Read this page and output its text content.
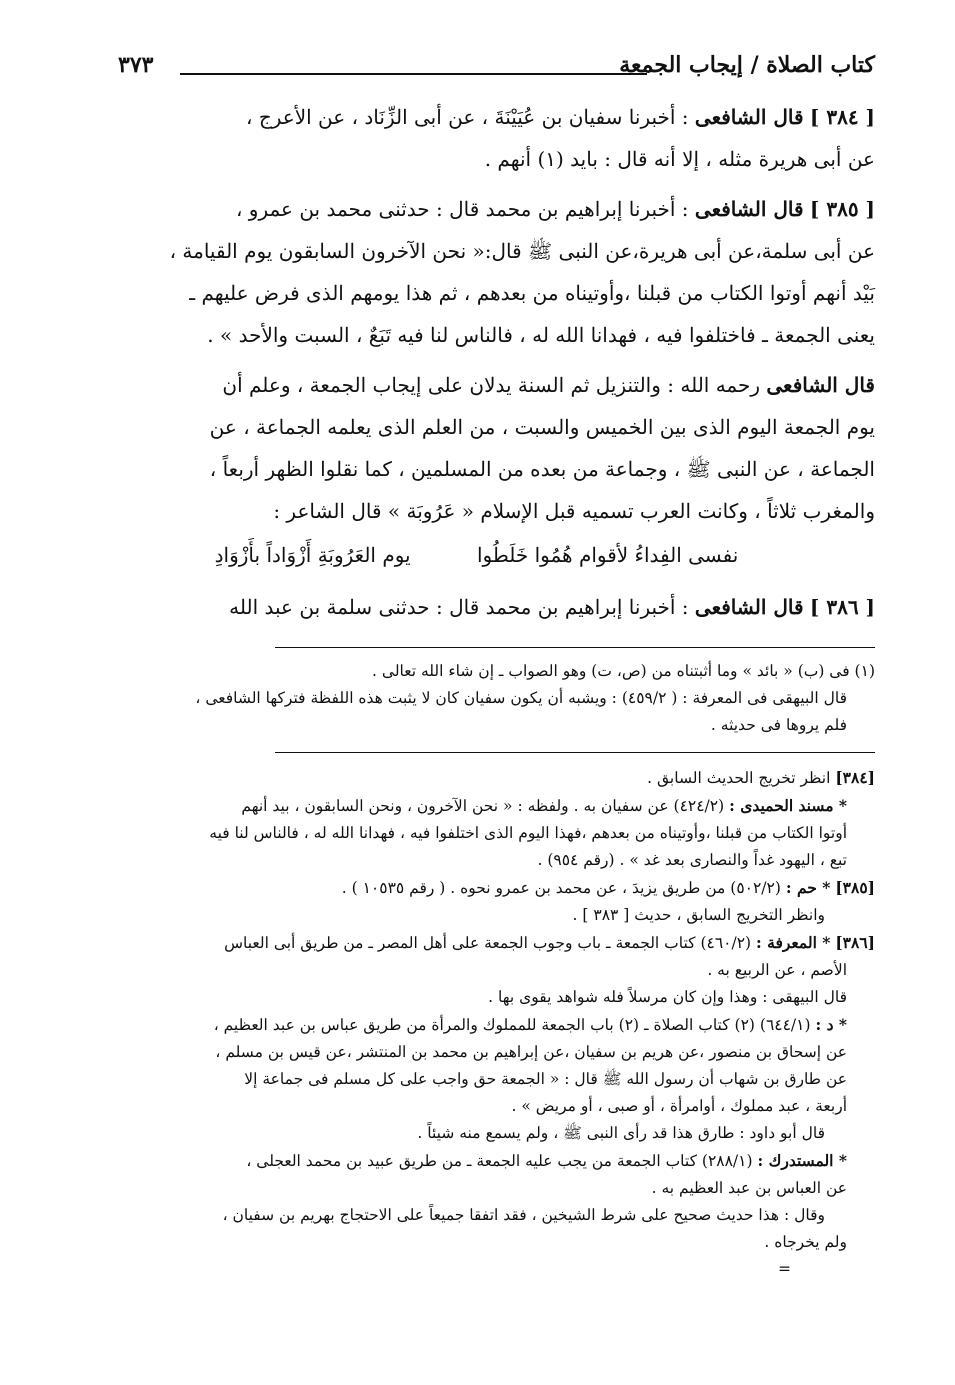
كتاب الصلاة / إيجاب الجمعة
٣٧٣

[ ٣٨٤ ] قال الشافعى : أخبرنا سفيان بن عُيَيْنَةَ ، عن أبى الزِّنَاد ، عن الأعرج ،

عن أبى هريرة مثله ، إلا أنه قال : بايد (١) أنهم .

[ ٣٨٥ ] قال الشافعى : أخبرنا إبراهيم بن محمد قال : حدثنى محمد بن عمرو ،

عن أبى سلمة،عن أبى هريرة،عن النبى ﷺ قال:« نحن الآخرون السابقون يوم القيامة ،

بَيْد أنهم أوتوا الكتاب من قبلنا ،وأوتيناه من بعدهم ، ثم هذا يومهم الذى فرض عليهم ـ

يعنى الجمعة ـ فاختلفوا فيه ، فهدانا الله له ، فالناس لنا فيه تَبَعٌ ، السبت والأحد » .

قال الشافعى رحمه الله : والتنزيل ثم السنة يدلان على إيجاب الجمعة ، وعلم أن

يوم الجمعة اليوم الذى بين الخميس والسبت ، من العلم الذى يعلمه الجماعة ، عن

الجماعة ، عن النبى ﷺ ، وجماعة من بعده من المسلمين ، كما نقلوا الظهر أربعاً ،

والمغرب ثلاثاً ، وكانت العرب تسميه قبل الإسلام « عَرُوبَة » قال الشاعر :

نفسى الفِداءُ لأقوام هُمُوا خَلَطُوا يوم العَرُوبَةِ أَزْوَاداً بأَزْوَادِ

[ ٣٨٦ ] قال الشافعى : أخبرنا إبراهيم بن محمد قال : حدثنى سلمة بن عبد الله

(١) فى (ب) « بائد » وما أثبتناه من (ص، ت) وهو الصواب ـ إن شاء الله تعالى .

قال البيهقى فى المعرفة : ( ٤٥٩/٢) : ويشبه أن يكون سفيان كان لا يثبت هذه اللفظة فتركها الشافعى ،

فلم يروها فى حديثه .

[٣٨٤] انظر تخريج الحديث السابق .

* مسند الحميدى : (٤٢٤/٢) عن سفيان به . ولفظه : « نحن الآخرون ، ونحن السابقون ، بيد أنهم

أوتوا الكتاب من قبلنا ،وأوتيناه من بعدهم ،فهذا اليوم الذى اختلفوا فيه ، فهدانا الله له ، فالناس لنا فيه

تبع ، اليهود غداً والنصارى بعد غد » . (رقم ٩٥٤) .

[٣٨٥] * حم : (٥٠٢/٢) من طريق يزيدَ ، عن محمد بن عمرو نحوه . ( رقم ١٠٥٣٥ ) .

وانظر التخريج السابق ، حديث [ ٣٨٣ ] .

[٣٨٦] * المعرفة : (٤٦٠/٢) كتاب الجمعة ـ باب وجوب الجمعة على أهل المصر ـ من طريق أبى العباس

الأصم ، عن الربيع به .

قال البيهقى : وهذا وإن كان مرسلاً فله شواهد يقوى بها .

* د : (٦٤٤/١) (٢) كتاب الصلاة ـ (٢) باب الجمعة للمملوك والمرأة من طريق عباس بن عبد العظيم ،

عن إسحاق بن منصور ،عن هريم بن سفيان ،عن إبراهيم بن محمد بن المنتشر ،عن قيس بن مسلم ،

عن طارق بن شهاب أن رسول الله ﷺ قال : « الجمعة حق واجب على كل مسلم فى جماعة إلا

أربعة ، عبد مملوك ، أوامرأة ، أو صبى ، أو مريض » .

قال أبو داود : طارق هذا قد رأى النبى ﷺ ، ولم يسمع منه شيئاً .

* المستدرك : (٢٨٨/١) كتاب الجمعة من يجب عليه الجمعة ـ من طريق عبيد بن محمد العجلى ،

عن العباس بن عبد العظيم به .

وقال : هذا حديث صحيح على شرط الشيخين ، فقد اتفقا جميعاً على الاحتجاج بهريم بن سفيان ،

ولم يخرجاه .

=
